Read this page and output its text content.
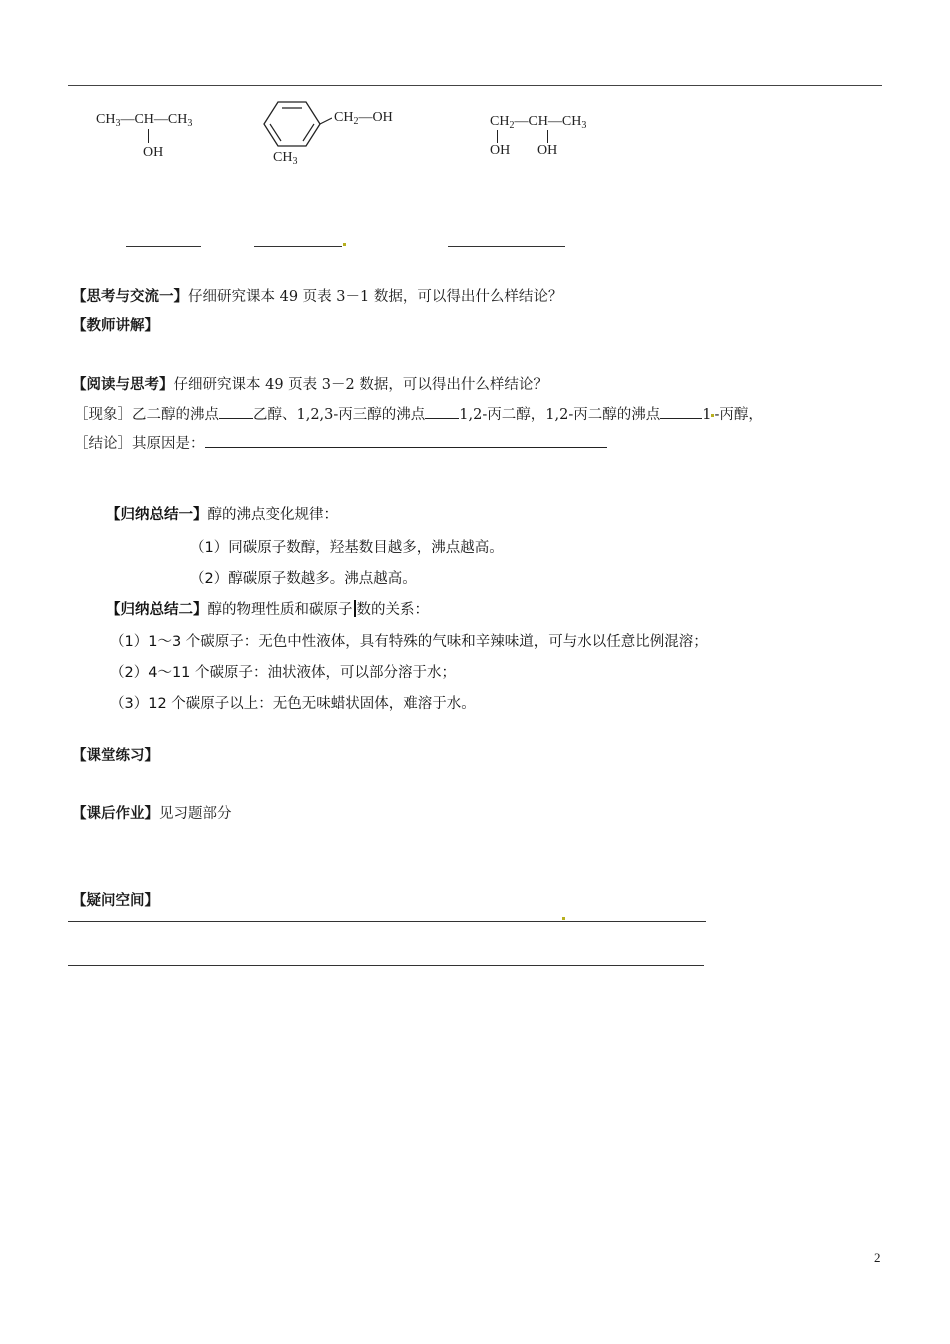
$CH_3—CH—CH_3$
OH
$CH_2—OH$
$CH_3$
$CH_2—CH—CH_3$
OH OH
【思考与交流一】仔细研究课本 49 页表 3－1 数据，可以得出什么样结论？
【教师讲解】
【阅读与思考】仔细研究课本 49 页表 3－2 数据，可以得出什么样结论？
［现象］乙二醇的沸点 乙醇、1,2,3-丙三醇的沸点 1,2-丙二醇，1,2-丙二醇的沸点	1 -丙醇，
［结论］其原因是：
【归纳总结一】醇的沸点变化规律：
（1）同碳原子数醇，羟基数目越多，沸点越高。
（2）醇碳原子数越多。沸点越高。
【归纳总结二】醇的物理性质和碳原子 数的关系：
（1）1～3 个碳原子：无色中性液体，具有特殊的气味和辛辣味道，可与水以任意比例混溶；
（2）4～11 个碳原子：油状液体，可以部分溶于水；
（3）12 个碳原子以上：无色无味蜡状固体，难溶于水。
【课堂练习】
【课后作业】见习题部分
【疑问空间】
2
